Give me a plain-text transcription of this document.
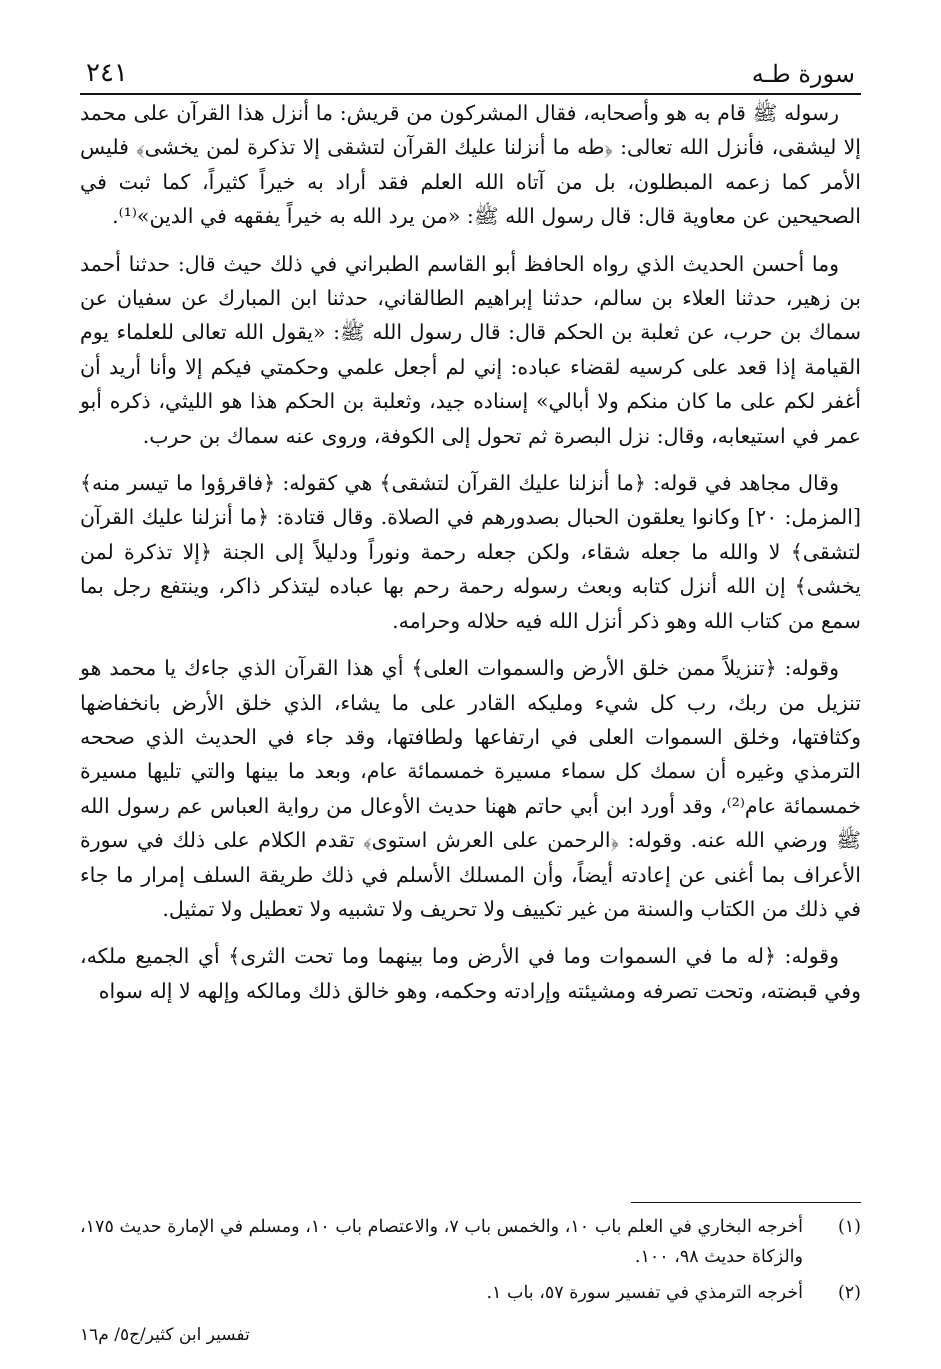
سورة طـه
٢٤١

رسوله ﷺ قام به هو وأصحابه، فقال المشركون من قريش: ما أنزل هذا القرآن على محمد إلا ليشقى، فأنزل الله تعالى: ﴿طه ما أنزلنا عليك القرآن لتشقى إلا تذكرة لمن يخشى﴾ فليس الأمر كما زعمه المبطلون، بل من آتاه الله العلم فقد أراد به خيراً كثيراً، كما ثبت في الصحيحين عن معاوية قال: قال رسول الله ﷺ: «من يرد الله به خيراً يفقهه في الدين»⁽¹⁾.

وما أحسن الحديث الذي رواه الحافظ أبو القاسم الطبراني في ذلك حيث قال: حدثنا أحمد بن زهير، حدثنا العلاء بن سالم، حدثنا إبراهيم الطالقاني، حدثنا ابن المبارك عن سفيان عن سماك بن حرب، عن ثعلبة بن الحكم قال: قال رسول الله ﷺ: «يقول الله تعالى للعلماء يوم القيامة إذا قعد على كرسيه لقضاء عباده: إني لم أجعل علمي وحكمتي فيكم إلا وأنا أريد أن أغفر لكم على ما كان منكم ولا أبالي» إسناده جيد، وثعلبة بن الحكم هذا هو الليثي، ذكره أبو عمر في استيعابه، وقال: نزل البصرة ثم تحول إلى الكوفة، وروى عنه سماك بن حرب.

وقال مجاهد في قوله: ﴿ما أنزلنا عليك القرآن لتشقى﴾ هي كقوله: ﴿فاقرؤوا ما تيسر منه﴾[المزمل: ٢٠] وكانوا يعلقون الحبال بصدورهم في الصلاة. وقال قتادة: ﴿ما أنزلنا عليك القرآن لتشقى﴾ لا والله ما جعله شقاء، ولكن جعله رحمة ونوراً ودليلاً إلى الجنة ﴿إلا تذكرة لمن يخشى﴾ إن الله أنزل كتابه وبعث رسوله رحمة رحم بها عباده ليتذكر ذاكر، وينتفع رجل بما سمع من كتاب الله وهو ذكر أنزل الله فيه حلاله وحرامه.

وقوله: ﴿تنزيلاً ممن خلق الأرض والسموات العلى﴾ أي هذا القرآن الذي جاءك يا محمد هو تنزيل من ربك، رب كل شيء ومليكه القادر على ما يشاء، الذي خلق الأرض بانخفاضها وكثافتها، وخلق السموات العلى في ارتفاعها ولطافتها، وقد جاء في الحديث الذي صححه الترمذي وغيره أن سمك كل سماء مسيرة خمسمائة عام، وبعد ما بينها والتي تليها مسيرة خمسمائة عام⁽²⁾، وقد أورد ابن أبي حاتم ههنا حديث الأوعال من رواية العباس عم رسول الله ﷺ ورضي الله عنه. وقوله: ﴿الرحمن على العرش استوى﴾ تقدم الكلام على ذلك في سورة الأعراف بما أغنى عن إعادته أيضاً، وأن المسلك الأسلم في ذلك طريقة السلف إمرار ما جاء في ذلك من الكتاب والسنة من غير تكييف ولا تحريف ولا تشبيه ولا تعطيل ولا تمثيل.

وقوله: ﴿له ما في السموات وما في الأرض وما بينهما وما تحت الثرى﴾ أي الجميع ملكه، وفي قبضته، وتحت تصرفه ومشيئته وإرادته وحكمه، وهو خالق ذلك ومالكه وإلهه لا إله سواه

(١)
أخرجه البخاري في العلم باب ١٠، والخمس باب ٧، والاعتصام باب ١٠، ومسلم في الإمارة حديث ١٧٥، والزكاة حديث ٩٨، ١٠٠.
(٢)
أخرجه الترمذي في تفسير سورة ٥٧، باب ١.
تفسير ابن كثير/ج٥/ م١٦
